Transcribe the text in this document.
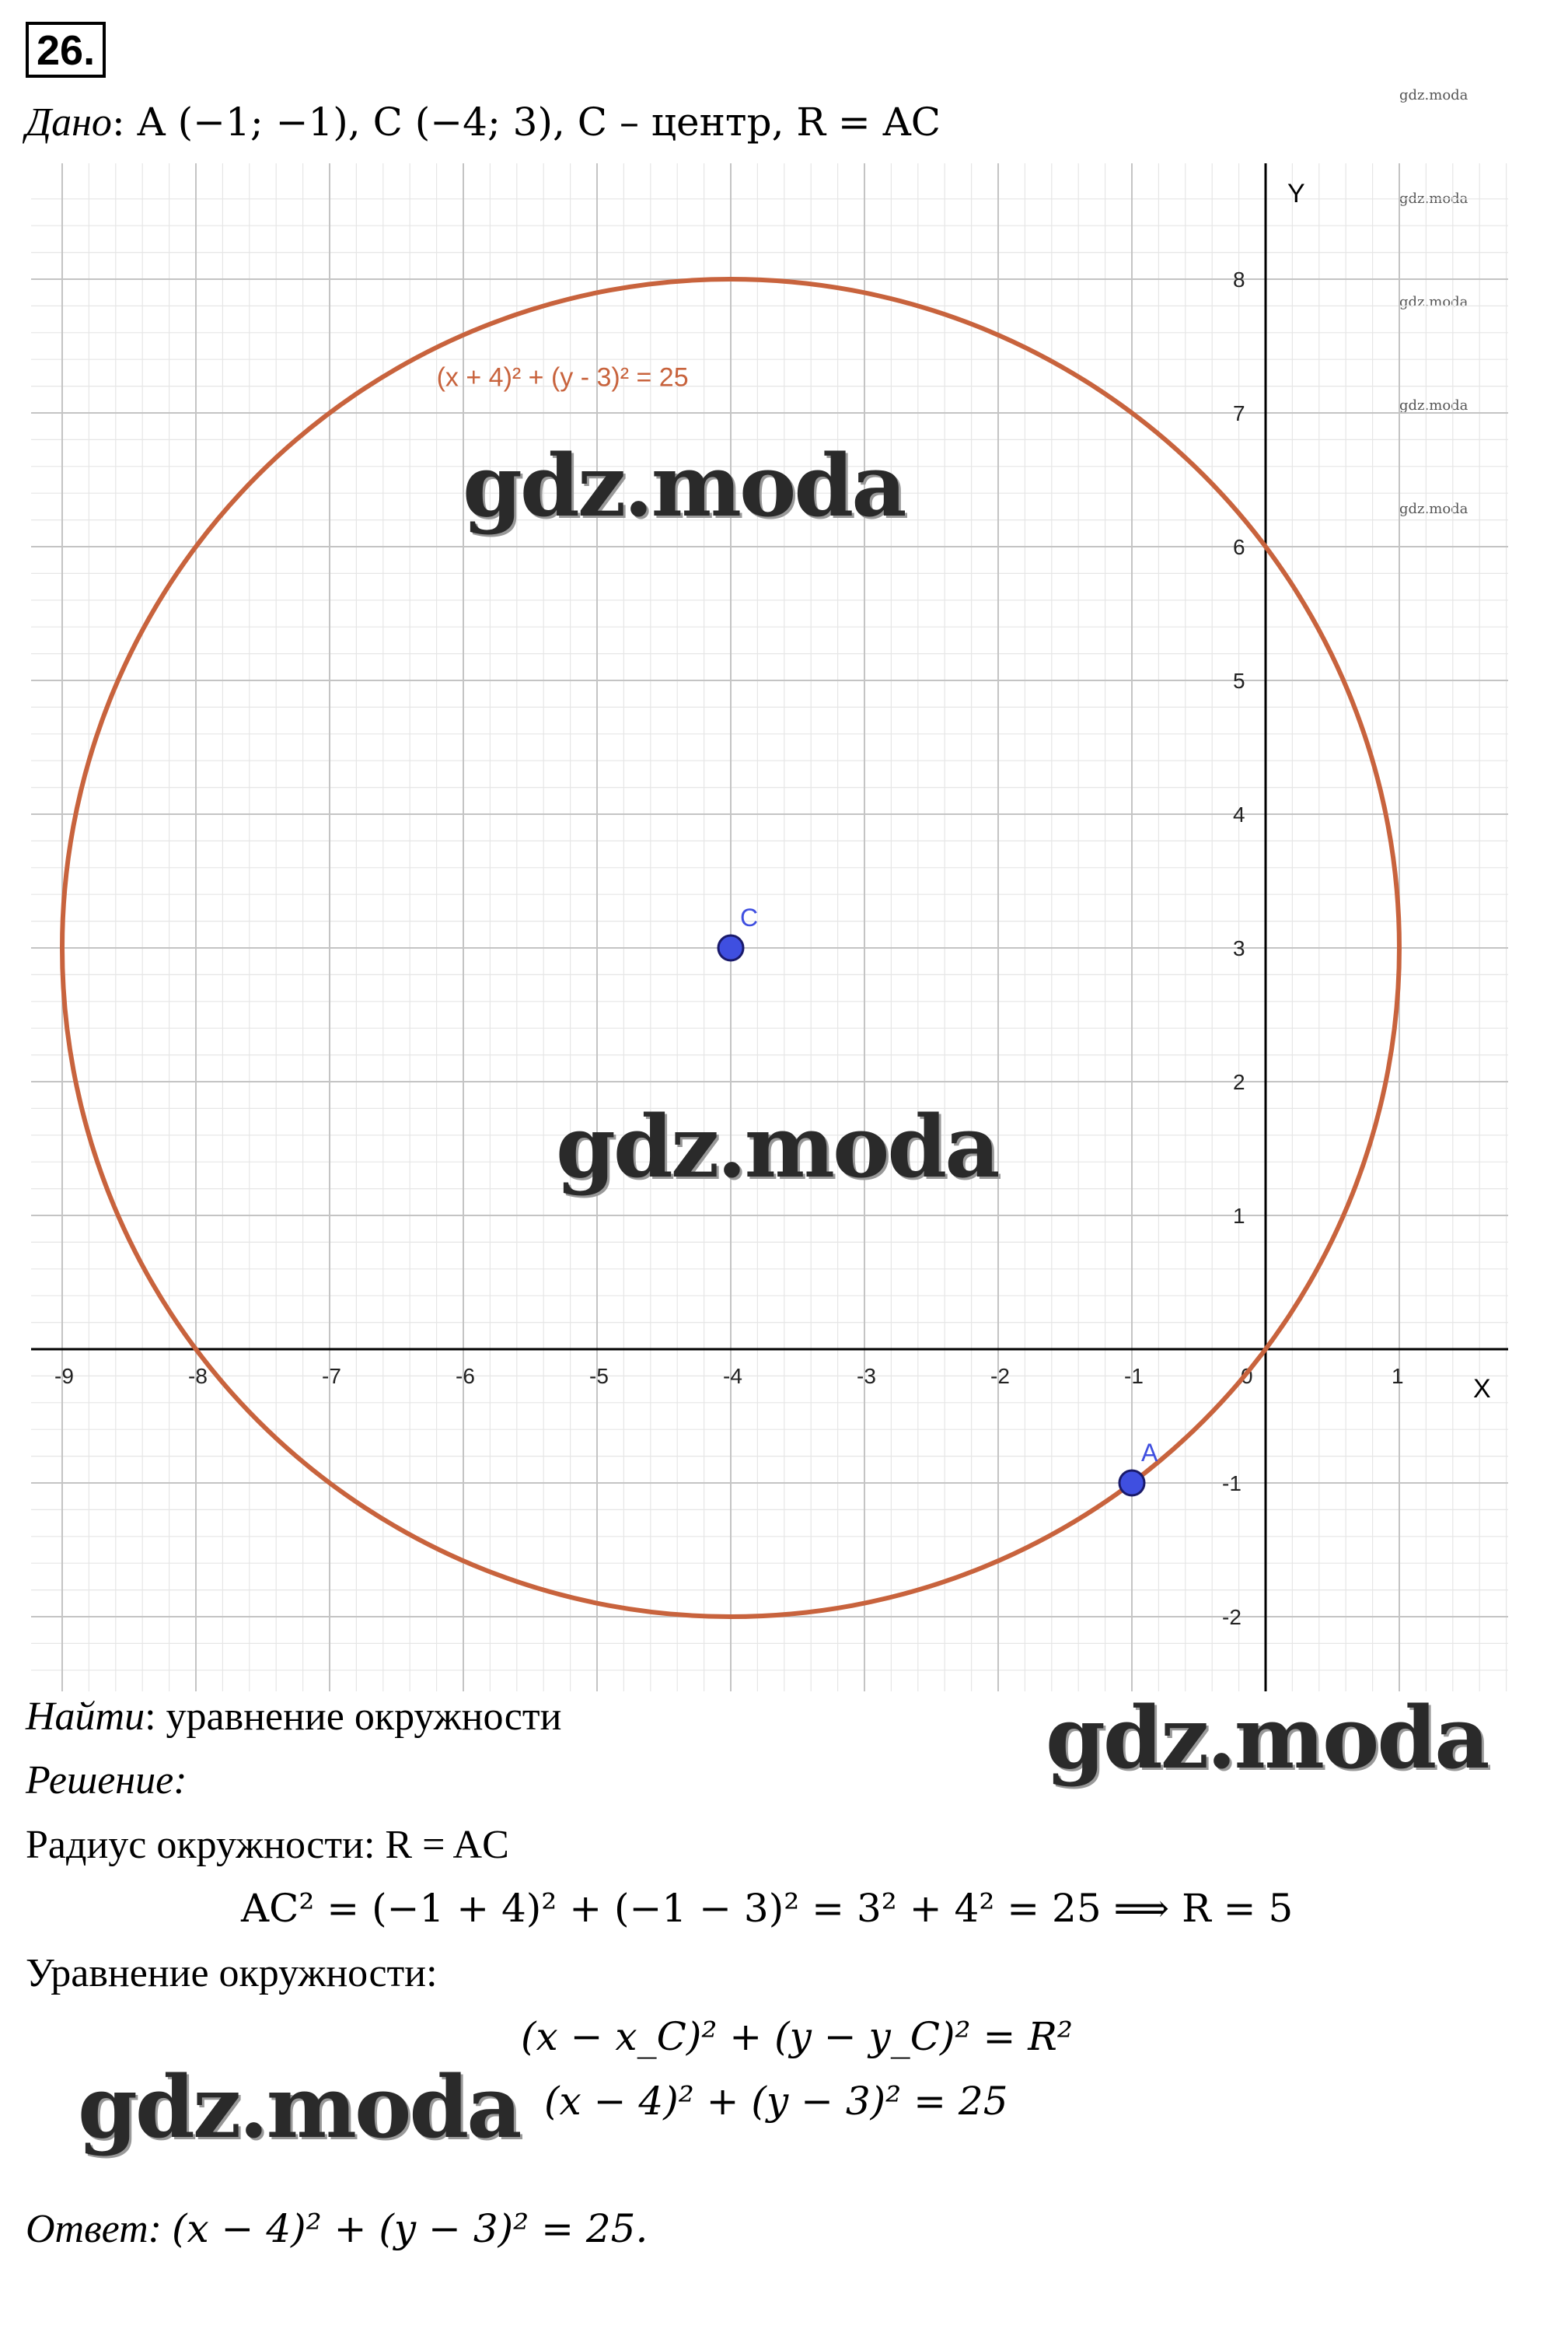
26.
Дано: A (−1; −1), C (−4; 3), C – центр, R = AC
gdz.moda
gdz.moda
gdz.moda
gdz.moda
gdz.moda
X
Y
-9	-8	-7	-6	-5	-4	-3	-2	-1	0	1
-2
-1
1
2
3
4
5
6
7
8
(x + 4)² + (y - 3)² = 25
C
A
gdz.moda
gdz.moda
gdz.moda
gdz.moda
Найти: уравнение окружности
Решение:
Радиус окружности: R = AC
AC² = (−1 + 4)² + (−1 − 3)² = 3² + 4² = 25 ⟹ R = 5
Уравнение окружности:
(x − x_C)² + (y − y_C)² = R²
(x − 4)² + (y − 3)² = 25
Ответ: (x − 4)² + (y − 3)² = 25.
